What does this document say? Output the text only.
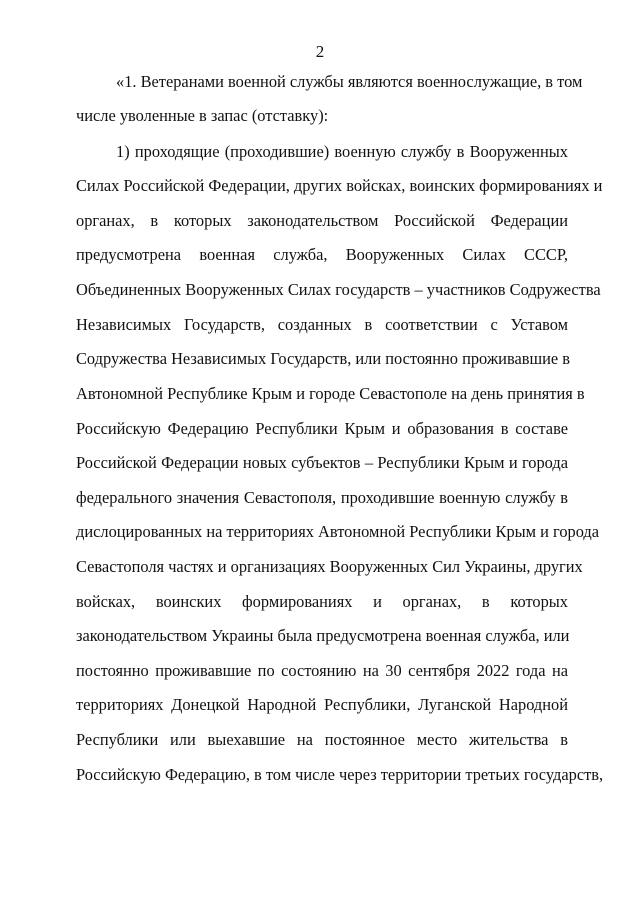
2
«1. Ветеранами военной службы являются военнослужащие, в том
числе уволенные в запас (отставку):
1) проходящие (проходившие) военную службу в Вооруженных
Силах Российской Федерации, других войсках, воинских формированиях и
органах, в которых законодательством Российской Федерации
предусмотрена военная служба, Вооруженных Силах СССР,
Объединенных Вооруженных Силах государств – участников Содружества
Независимых Государств, созданных в соответствии с Уставом
Содружества Независимых Государств, или постоянно проживавшие в
Автономной Республике Крым и городе Севастополе на день принятия в
Российскую Федерацию Республики Крым и образования в составе
Российской Федерации новых субъектов – Республики Крым и города
федерального значения Севастополя, проходившие военную службу в
дислоцированных на территориях Автономной Республики Крым и города
Севастополя частях и организациях Вооруженных Сил Украины, других
войсках, воинских формированиях и органах, в которых
законодательством Украины была предусмотрена военная служба, или
постоянно проживавшие по состоянию на 30 сентября 2022 года на
территориях Донецкой Народной Республики, Луганской Народной
Республики или выехавшие на постоянное место жительства в
Российскую Федерацию, в том числе через территории третьих государств,
